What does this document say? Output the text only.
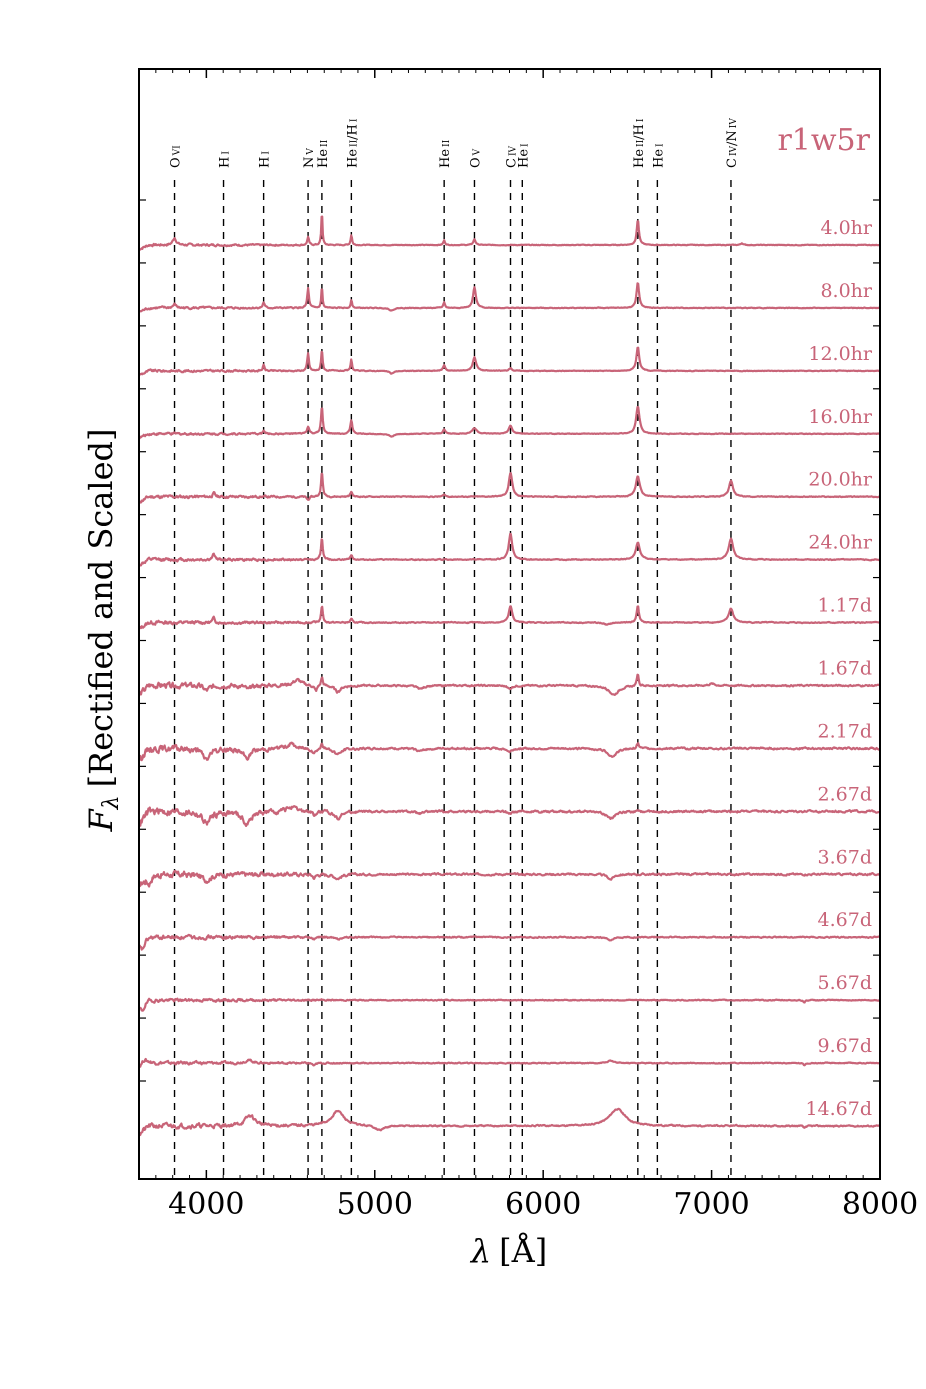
OVI
HI
HI
NV HeII
HeII/HI
HeII
OV
CIV
HeI
HeII/HI
HeI
CIV/NIV
4.0hr
8.0hr
12.0hr
16.0hr
20.0hr
24.0hr
1.17d
1.67d
2.17d
2.67d
3.67d
4.67d
5.67d
9.67d
14.67d
4000	5000	6000	7000	8000
r1w5r
λ [Å]
Fλ[Rectified and Scaled]
